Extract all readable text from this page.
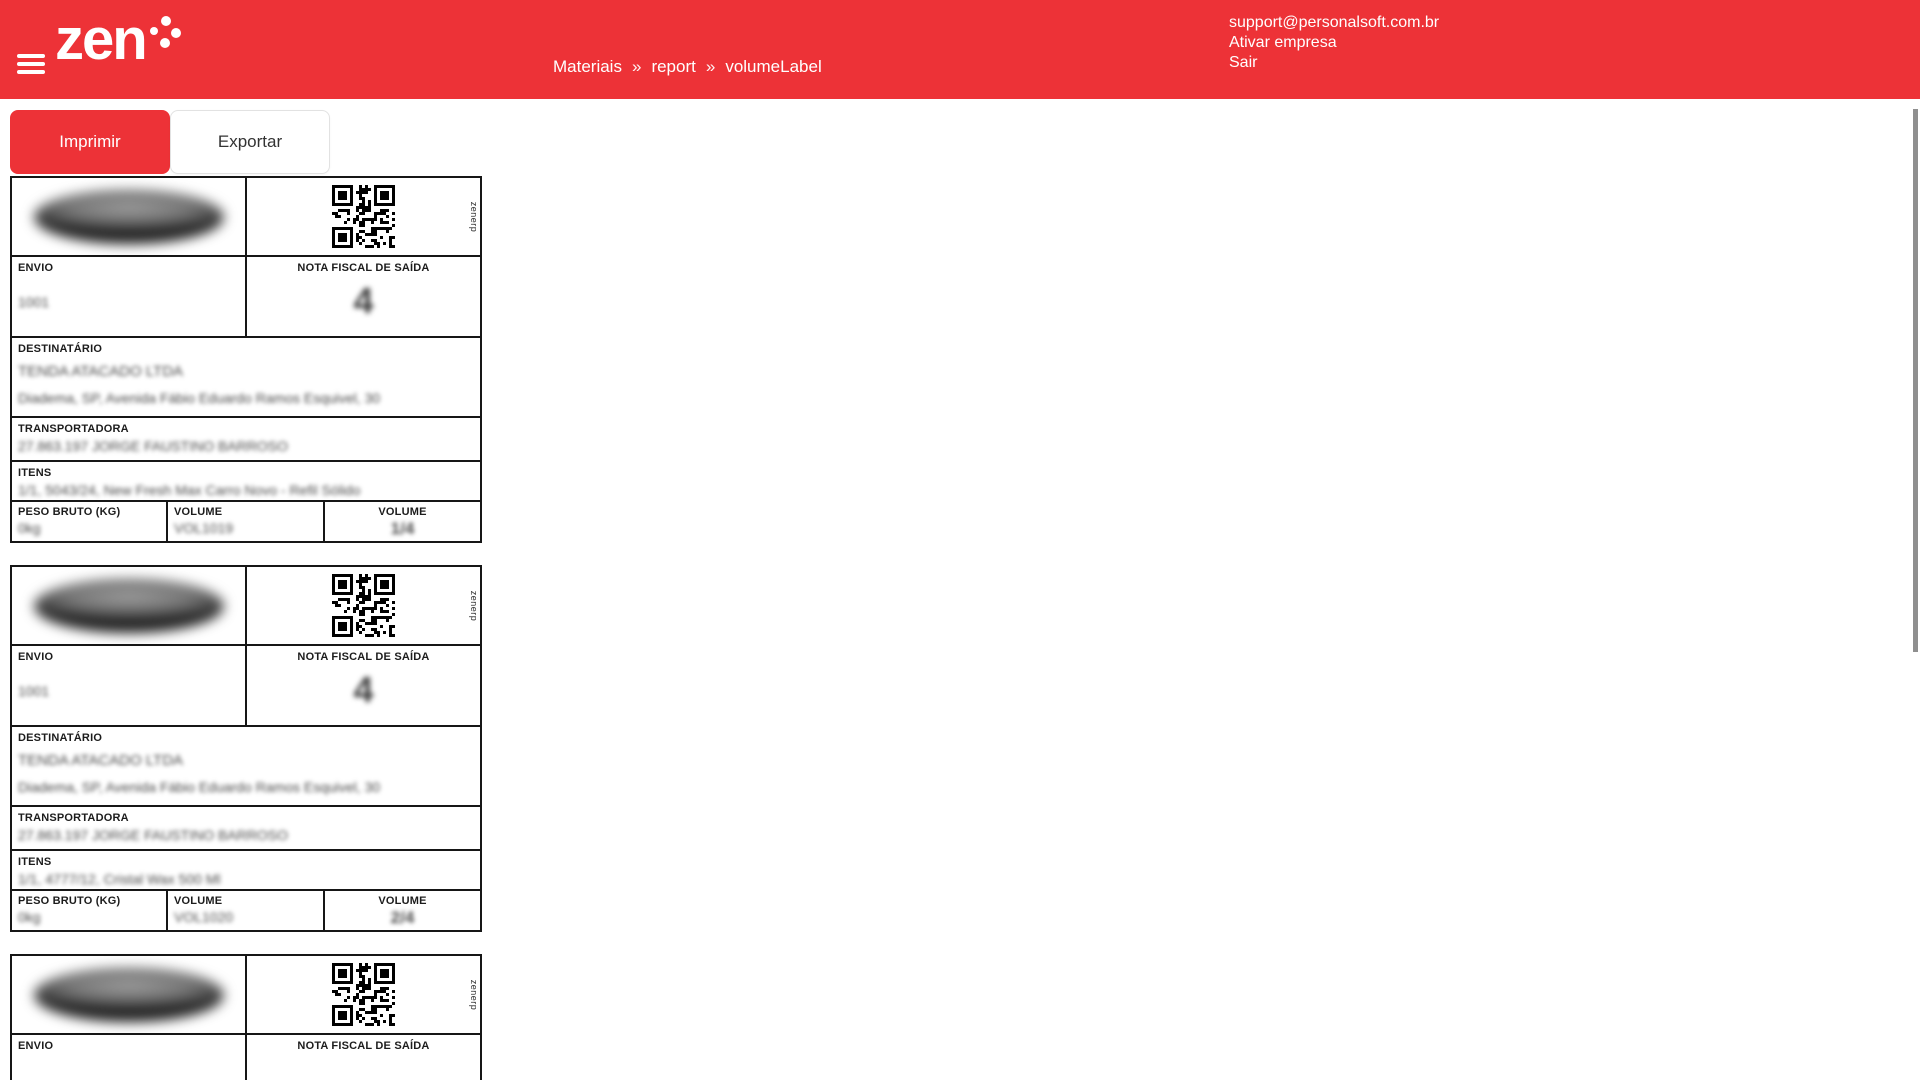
zen	Materiais » report » volumeLabel
support@personalsoft.com.br
Ativar empresa
Sair
Imprimir	Exportar
zenerp
ENVIO
1001
NOTA FISCAL DE SAÍDA
4
DESTINATÁRIO
TENDA ATACADO LTDA
Diadema, SP, Avenida Fábio Eduardo Ramos Esquivel, 30
TRANSPORTADORA
27.863.197 JORGE FAUSTINO BARROSO
ITENS
1/1, 5043/24, New Fresh Max Carro Novo - Refil Sólido
PESO BRUTO (KG)
0kg
VOLUME
VOL1019
VOLUME
1/4
zenerp
ENVIO
1001
NOTA FISCAL DE SAÍDA
4
DESTINATÁRIO
TENDA ATACADO LTDA
Diadema, SP, Avenida Fábio Eduardo Ramos Esquivel, 30
TRANSPORTADORA
27.863.197 JORGE FAUSTINO BARROSO
ITENS
1/1, 4777/12, Cristal Wax 500 Ml
PESO BRUTO (KG)
0kg
VOLUME
VOL1020
VOLUME
2/4
zenerp
ENVIO	NOTA FISCAL DE SAÍDA
